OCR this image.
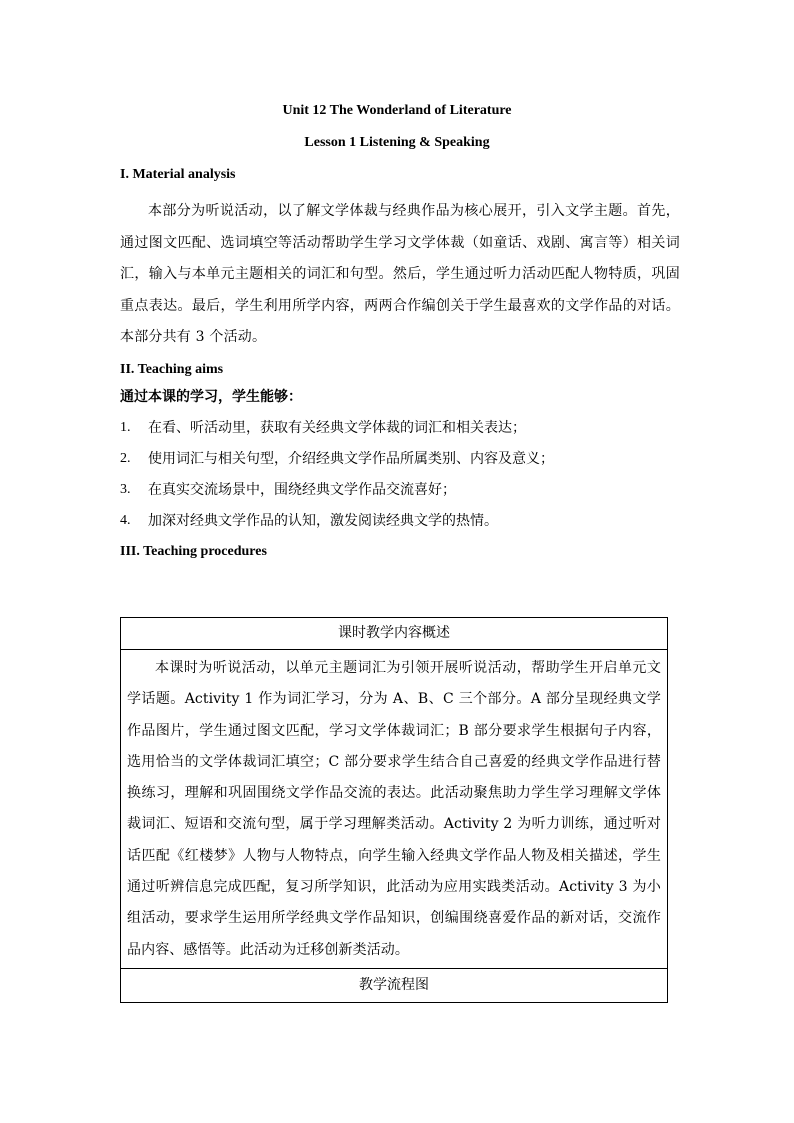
Unit 12 The Wonderland of Literature
Lesson 1 Listening & Speaking
I. Material analysis

本部分为听说活动，以了解文学体裁与经典作品为核心展开，引入文学主题。首先，通过图文匹配、选词填空等活动帮助学生学习文学体裁（如童话、戏剧、寓言等）相关词汇，输入与本单元主题相关的词汇和句型。然后，学生通过听力活动匹配人物特质，巩固重点表达。最后，学生利用所学内容，两两合作编创关于学生最喜欢的文学作品的对话。本部分共有 3 个活动。

II. Teaching aims
通过本课的学习，学生能够：
1.	在看、听活动里，获取有关经典文学体裁的词汇和相关表达；
2.	使用词汇与相关句型，介绍经典文学作品所属类别、内容及意义；
3.	在真实交流场景中，围绕经典文学作品交流喜好；
4.	加深对经典文学作品的认知，激发阅读经典文学的热情。
III. Teaching procedures
课时教学内容概述
本课时为听说活动，以单元主题词汇为引领开展听说活动，帮助学生开启单元文学话题。Activity 1 作为词汇学习，分为 A、B、C 三个部分。A 部分呈现经典文学作品图片，学生通过图文匹配，学习文学体裁词汇；B 部分要求学生根据句子内容，选用恰当的文学体裁词汇填空；C 部分要求学生结合自己喜爱的经典文学作品进行替换练习，理解和巩固围绕文学作品交流的表达。此活动聚焦助力学生学习理解文学体裁词汇、短语和交流句型，属于学习理解类活动。Activity 2 为听力训练，通过听对话匹配《红楼梦》人物与人物特点，向学生输入经典文学作品人物及相关描述，学生通过听辨信息完成匹配，复习所学知识，此活动为应用实践类活动。Activity 3 为小组活动，要求学生运用所学经典文学作品知识，创编围绕喜爱作品的新对话，交流作品内容、感悟等。此活动为迁移创新类活动。
教学流程图
